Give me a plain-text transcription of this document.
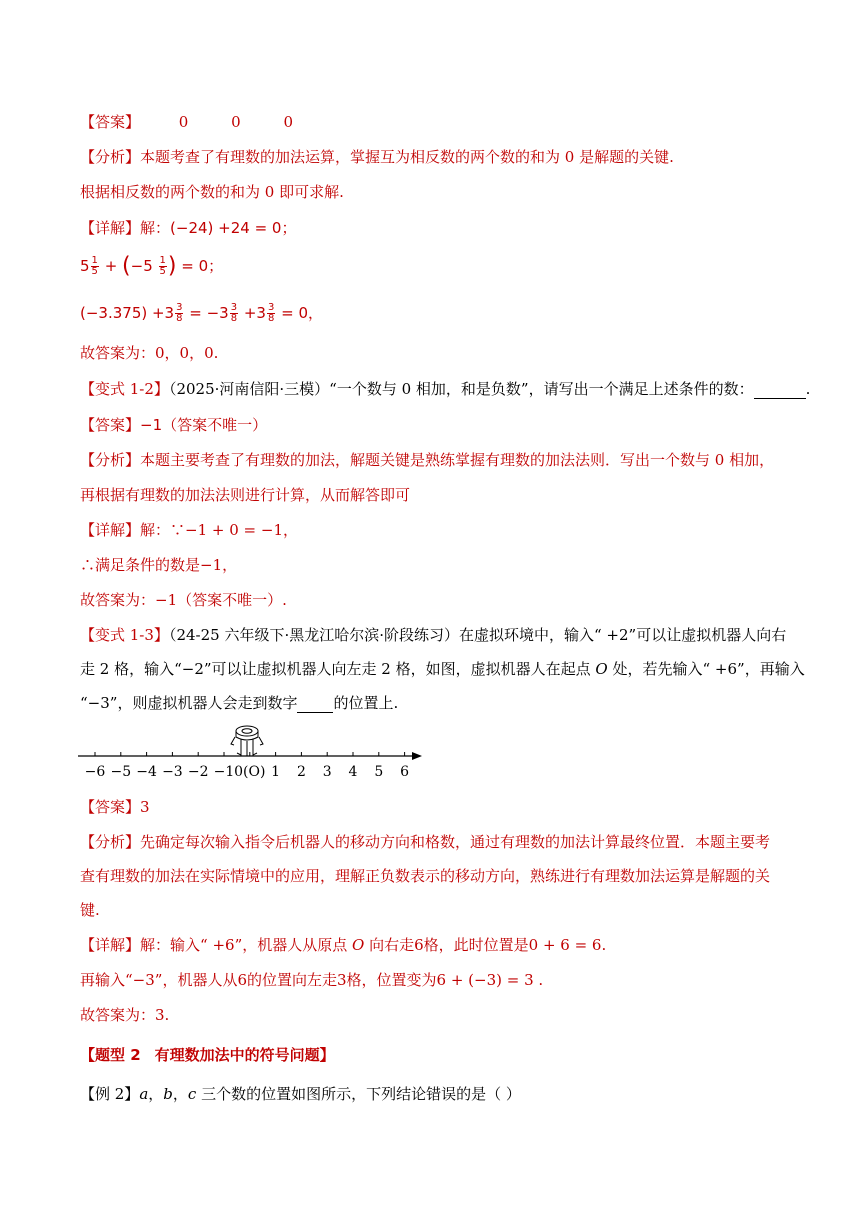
【答案】	0	0	0
【分析】本题考查了有理数的加法运算，掌握互为相反数的两个数的和为 0 是解题的关键.
根据相反数的两个数的和为 0 即可求解.
【详解】解：(−24) +24 = 0；
$5 \frac{1}{5} + (-5 \frac{1}{5}$ ) = 0；
$(-3.375) +3 \frac{3}{8} = -3 \frac{3}{8} +3 \frac{3}{8} = 0$，
故答案为：0，0，0.
【变式 1-2】（2025·河南信阳·三模）“一个数与 0 相加，和是负数”，请写出一个满足上述条件的数：	.
【答案】−1（答案不唯一）
【分析】本题主要考查了有理数的加法，解题关键是熟练掌握有理数的加法法则．写出一个数与 0 相加，
再根据有理数的加法法则进行计算，从而解答即可
【详解】解：∵−1 + 0 = −1，
∴满足条件的数是−1，
故答案为：−1（答案不唯一）.
【变式 1-3】（24-25 六年级下·黑龙江哈尔滨·阶段练习）在虚拟环境中，输入“ +2”可以让虚拟机器人向右
走 2 格，输入“−2”可以让虚拟机器人向左走 2 格，如图，虚拟机器人在起点 O 处，若先输入“ +6”，再输入
“−3”，则虚拟机器人会走到数字 的位置上.
−6 −5 −4 −3 −2 −1 0(O) 1 2 3 4 5 6
【答案】3
【分析】先确定每次输入指令后机器人的移动方向和格数，通过有理数的加法计算最终位置．本题主要考
查有理数的加法在实际情境中的应用，理解正负数表示的移动方向，熟练进行有理数加法运算是解题的关
键.
【详解】解：输入“ +6”，机器人从原点 O 向右走6格，此时位置是0 + 6 = 6.
再输入“−3”，机器人从6的位置向左走3格，位置变为6 + (−3) = 3 .
故答案为：3.
【题型 2 有理数加法中的符号问题】
【例 2】a，b，c 三个数的位置如图所示，下列结论错误的是（ ）
